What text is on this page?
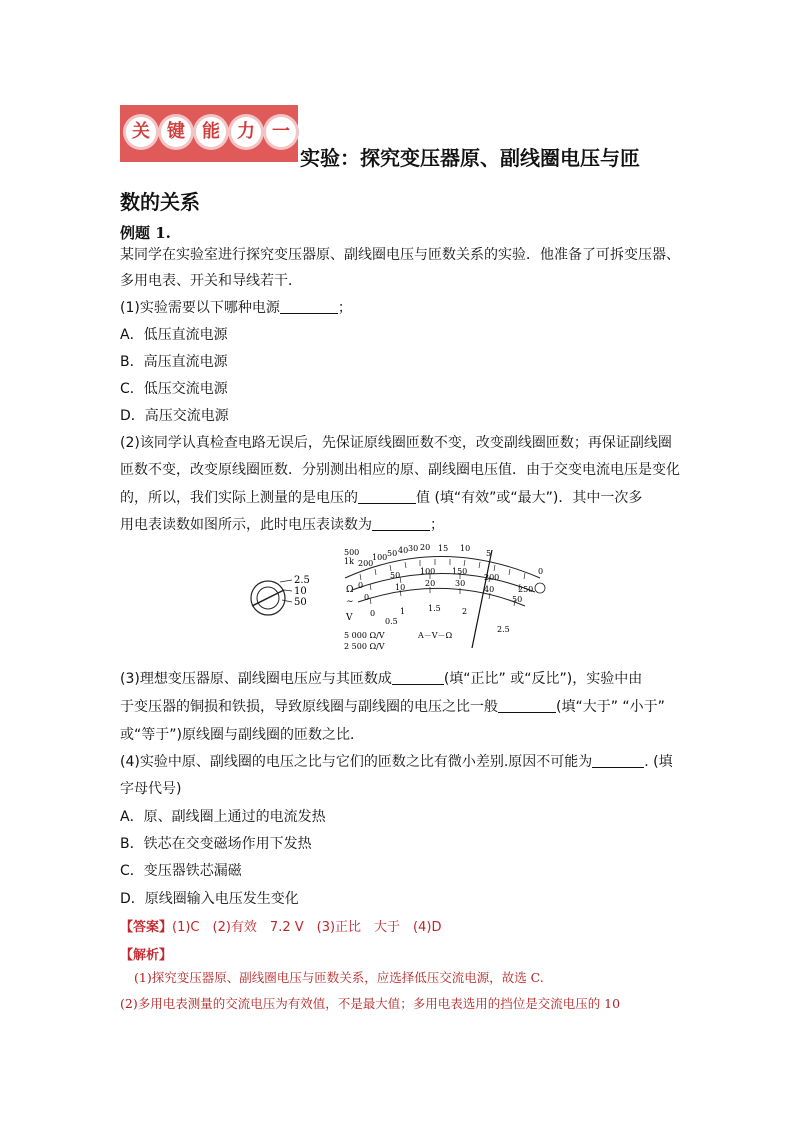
关 键 能 力 一
实验：探究变压器原、副线圈电压与匝
数的关系
例题 1.
某同学在实验室进行探究变压器原、副线圈电压与匝数关系的实验．他准备了可拆变压器、
多用电表、开关和导线若干．
(1)实验需要以下哪种电源	；
A．低压直流电源
B．高压直流电源
C．低压交流电源
D．高压交流电源
(2)该同学认真检查电路无误后，先保证原线圈匝数不变，改变副线圈匝数；再保证副线圈
匝数不变，改变原线圈匝数．分别测出相应的原、副线圈电压值．由于交变电流电压是变化
的，所以，我们实际上测量的是电压的	值 (填“有效”或“最大”)．其中一次多
用电表读数如图所示，此时电压表读数为	；
2.5
10
50
500
1k 200
100 50 40 30 20 15 10
5
0
0
50 100 150
200
250
0
10 20 30
40
50
0
0.5
1	1.5	2
2.5
Ω
∼
V
5 000 Ω/V
2 500 Ω/V
A－V－Ω
(3)理想变压器原、副线圈电压应与其匝数成	(填“正比” 或“反比”)，实验中由
于变压器的铜损和铁损，导致原线圈与副线圈的电压之比一般	(填“大于” “小于”
或“等于”)原线圈与副线圈的匝数之比．
(4)实验中原、副线圈的电压之比与它们的匝数之比有微小差别.原因不可能为	. (填
字母代号)
A．原、副线圈上通过的电流发热
B．铁芯在交变磁场作用下发热
C．变压器铁芯漏磁
D．原线圈输入电压发生变化
【答案】(1)C　(2)有效　7.2 V　(3)正比　大于　(4)D
【解析】
(1)探究变压器原、副线圈电压与匝数关系，应选择低压交流电源，故选 C.
(2)多用电表测量的交流电压为有效值，不是最大值；多用电表选用的挡位是交流电压的 10
